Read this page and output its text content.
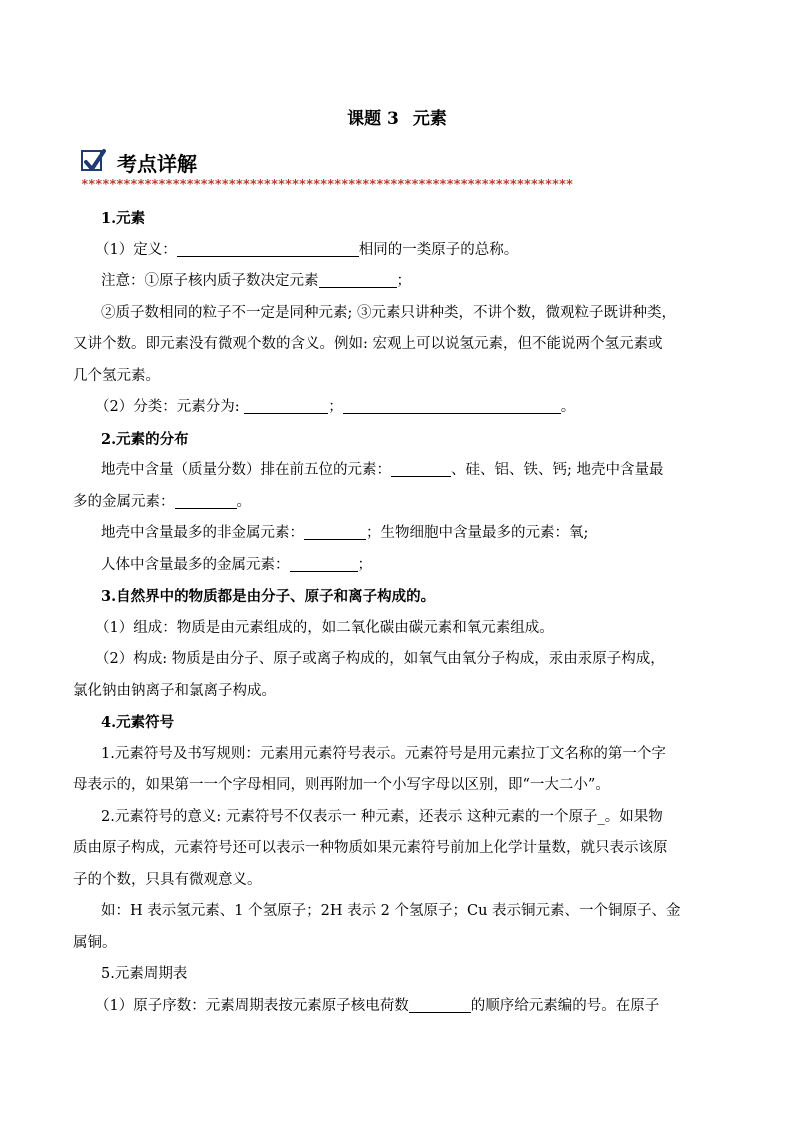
课题 3 元素
考点详解
**********************************************************************

1.元素

（1）定义：	相同的一类原子的总称。

注意：①原子核内质子数决定元素	；

②质子数相同的粒子不一定是同种元素; ③元素只讲种类，不讲个数，微观粒子既讲种类，

又讲个数。即元素没有微观个数的含义。例如: 宏观上可以说氢元素，但不能说两个氢元素或

几个氢元素。

（2）分类：元素分为:	；	。

2.元素的分布

地壳中含量（质量分数）排在前五位的元素：	、硅、铝、铁、钙; 地壳中含量最

多的金属元素：	。

地壳中含量最多的非金属元素：	；生物细胞中含量最多的元素：氧;

人体中含量最多的金属元素：	；

3.自然界中的物质都是由分子、原子和离子构成的。

（1）组成：物质是由元素组成的，如二氧化碳由碳元素和氧元素组成。

（2）构成: 物质是由分子、原子或离子构成的，如氧气由氧分子构成，汞由汞原子构成，

氯化钠由钠离子和氯离子构成。

4.元素符号

1.元素符号及书写规则：元素用元素符号表示。元素符号是用元素拉丁文名称的第一个字

母表示的，如果第一一个字母相同，则再附加一个小写字母以区别，即“一大二小”。

2.元素符号的意义: 元素符号不仅表示一 种元素，还表示 这种元素的一个原子_。如果物

质由原子构成，元素符号还可以表示一种物质如果元素符号前加上化学计量数，就只表示该原

子的个数，只具有微观意义。

如：H 表示氢元素、1 个氢原子；2H 表示 2 个氢原子；Cu 表示铜元素、一个铜原子、金

属铜。

5.元素周期表

（1）原子序数：元素周期表按元素原子核电荷数	的顺序给元素编的号。在原子
